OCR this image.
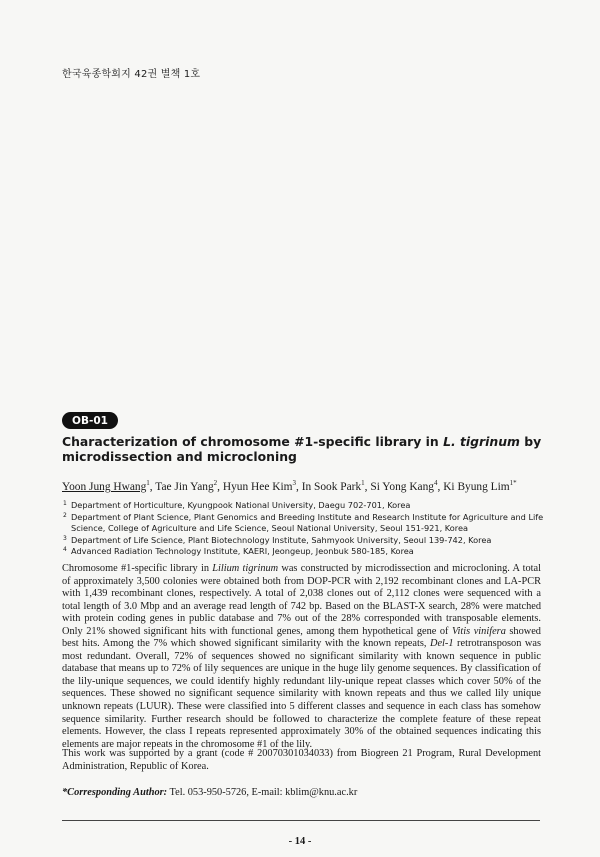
한국육종학회지 42권 별책 1호
OB-01
Characterization of chromosome #1-specific library in L. tigrinum by microdissection and microcloning
Yoon Jung Hwang$^1$, Tae Jin Yang$^2$, Hyun Hee Kim$^3$, In Sook Park$^1$, Si Yong Kang$^4$, Ki Byung Lim$^{1*}$
1 Department of Horticulture, Kyungpook National University, Daegu 702-701, Korea
2 Department of Plant Science, Plant Genomics and Breeding Institute and Research Institute for Agriculture and Life Science, College of Agriculture and Life Science, Seoul National University, Seoul 151-921, Korea
3 Department of Life Science, Plant Biotechnology Institute, Sahmyook University, Seoul 139-742, Korea
4 Advanced Radiation Technology Institute, KAERI, Jeongeup, Jeonbuk 580-185, Korea

Chromosome #1-specific library in Lilium tigrinum was constructed by microdissection and microcloning. A total of approximately 3,500 colonies were obtained both from DOP-PCR with 2,192 recombinant clones and LA-PCR with 1,439 recombinant clones, respectively. A total of 2,038 clones out of 2,112 clones were sequenced with a total length of 3.0 Mbp and an average read length of 742 bp. Based on the BLAST-X search, 28% were matched with protein coding genes in public database and 7% out of the 28% corresponded with transposable elements. Only 21% showed significant hits with functional genes, among them hypothetical gene of Vitis vinifera showed best hits. Among the 7% which showed significant similarity with the known repeats, Del-1 retrotransposon was most redundant. Overall, 72% of sequences showed no significant similarity with known sequence in public database that means up to 72% of lily sequences are unique in the huge lily genome sequences. By classification of the lily-unique sequences, we could identify highly redundant lily-unique repeat classes which cover 50% of the sequences. These showed no significant sequence similarity with known repeats and thus we called lily unique unknown repeats (LUUR). These were classified into 5 different classes and sequence in each class has somehow sequence similarity. Further research should be followed to characterize the complete feature of these repeat elements. However, the class I repeats represented approximately 30% of the obtained sequences indicating this elements are major repeats in the chromosome #1 of the lily.

This work was supported by a grant (code # 20070301034033) from Biogreen 21 Program, Rural Development Administration, Republic of Korea.

*Corresponding Author: Tel. 053-950-5726, E-mail: kblim@knu.ac.kr

- 14 -
